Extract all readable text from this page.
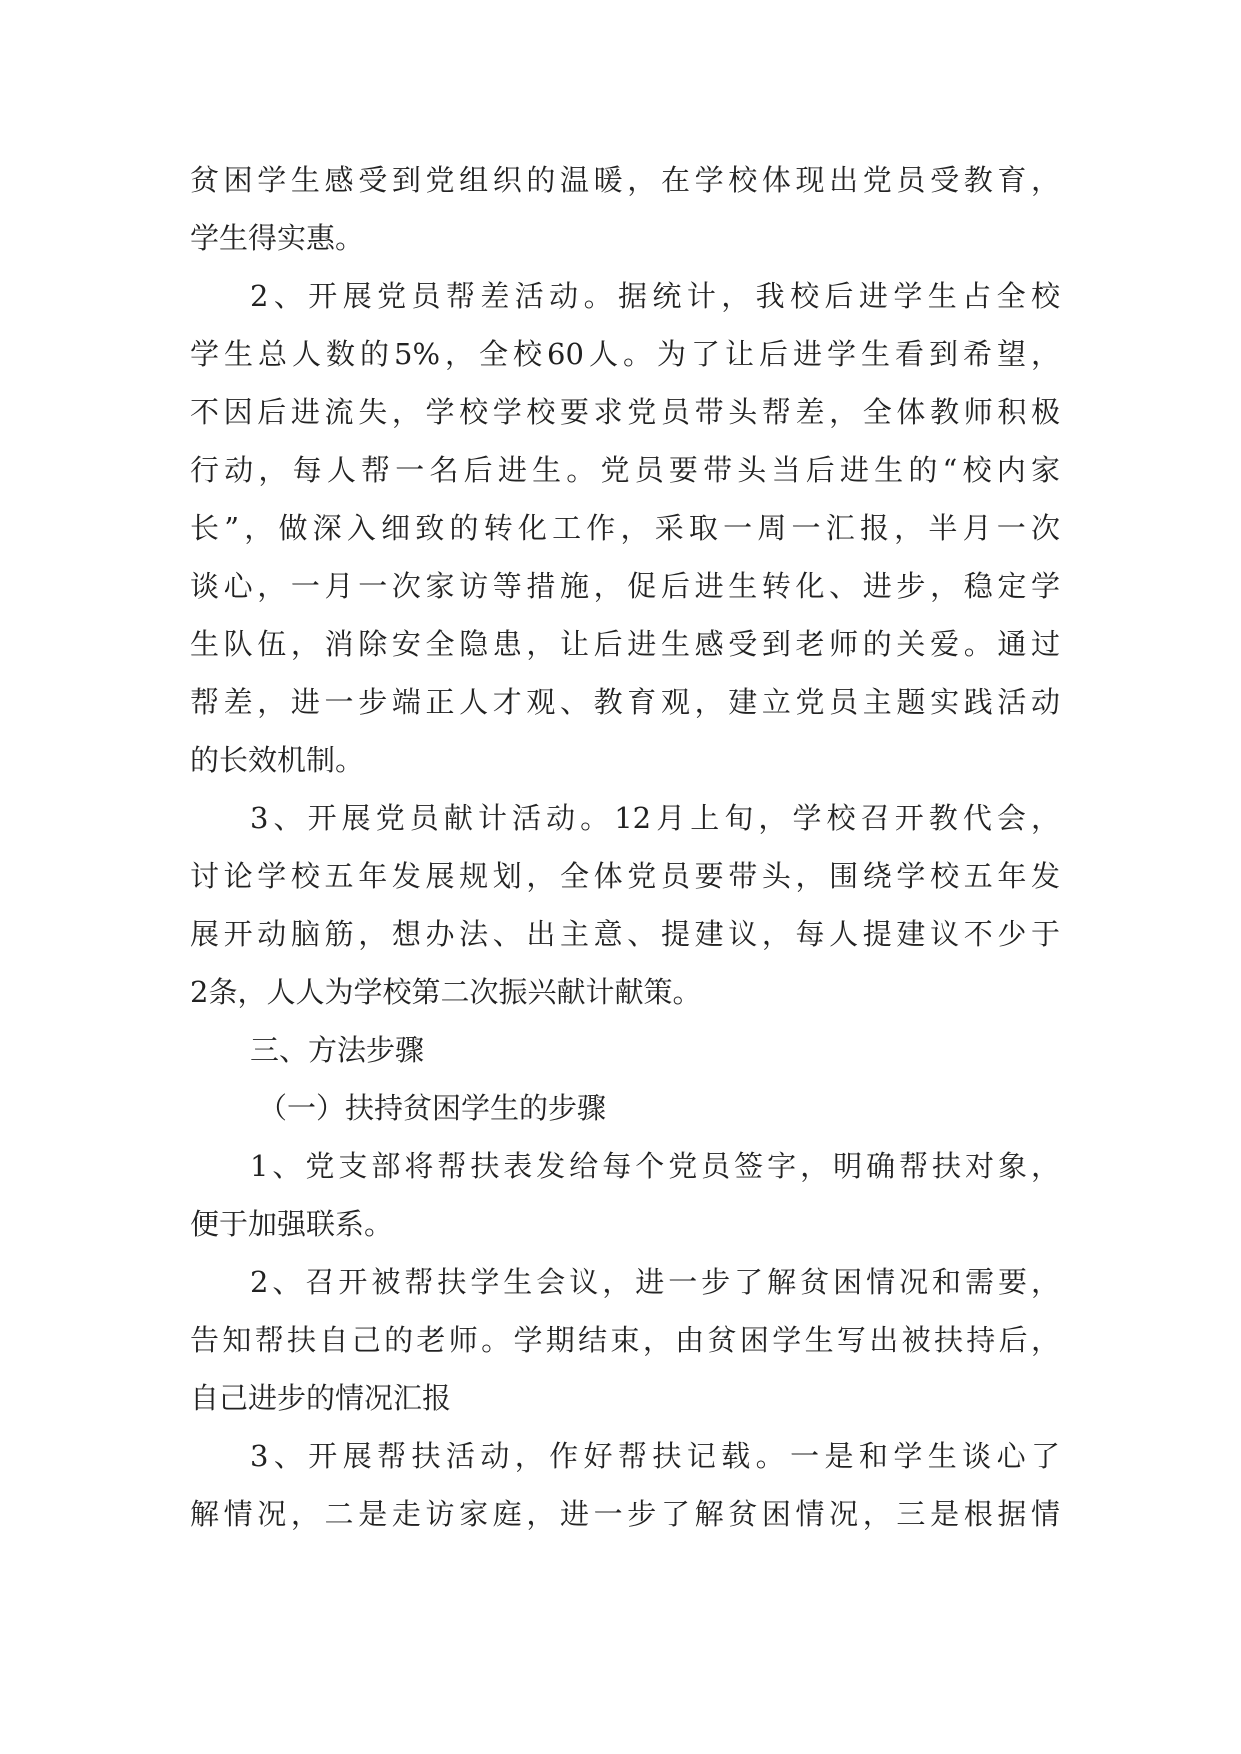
贫困学生感受到党组织的温暖，在学校体现出党员受教育，
学生得实惠。
2、开展党员帮差活动。据统计，我校后进学生占全校
学生总人数的5%，全校60人。为了让后进学生看到希望，
不因后进流失，学校学校要求党员带头帮差，全体教师积极
行动，每人帮一名后进生。党员要带头当后进生的“校内家
长”，做深入细致的转化工作，采取一周一汇报，半月一次
谈心，一月一次家访等措施，促后进生转化、进步，稳定学
生队伍，消除安全隐患，让后进生感受到老师的关爱。通过
帮差，进一步端正人才观、教育观，建立党员主题实践活动
的长效机制。
3、开展党员献计活动。12月上旬，学校召开教代会，
讨论学校五年发展规划，全体党员要带头，围绕学校五年发
展开动脑筋，想办法、出主意、提建议，每人提建议不少于
2条，人人为学校第二次振兴献计献策。
三、方法步骤
（一）扶持贫困学生的步骤
1、党支部将帮扶表发给每个党员签字，明确帮扶对象，
便于加强联系。
2、召开被帮扶学生会议，进一步了解贫困情况和需要，
告知帮扶自己的老师。学期结束，由贫困学生写出被扶持后，
自己进步的情况汇报
3、开展帮扶活动，作好帮扶记载。一是和学生谈心了
解情况，二是走访家庭，进一步了解贫困情况，三是根据情
